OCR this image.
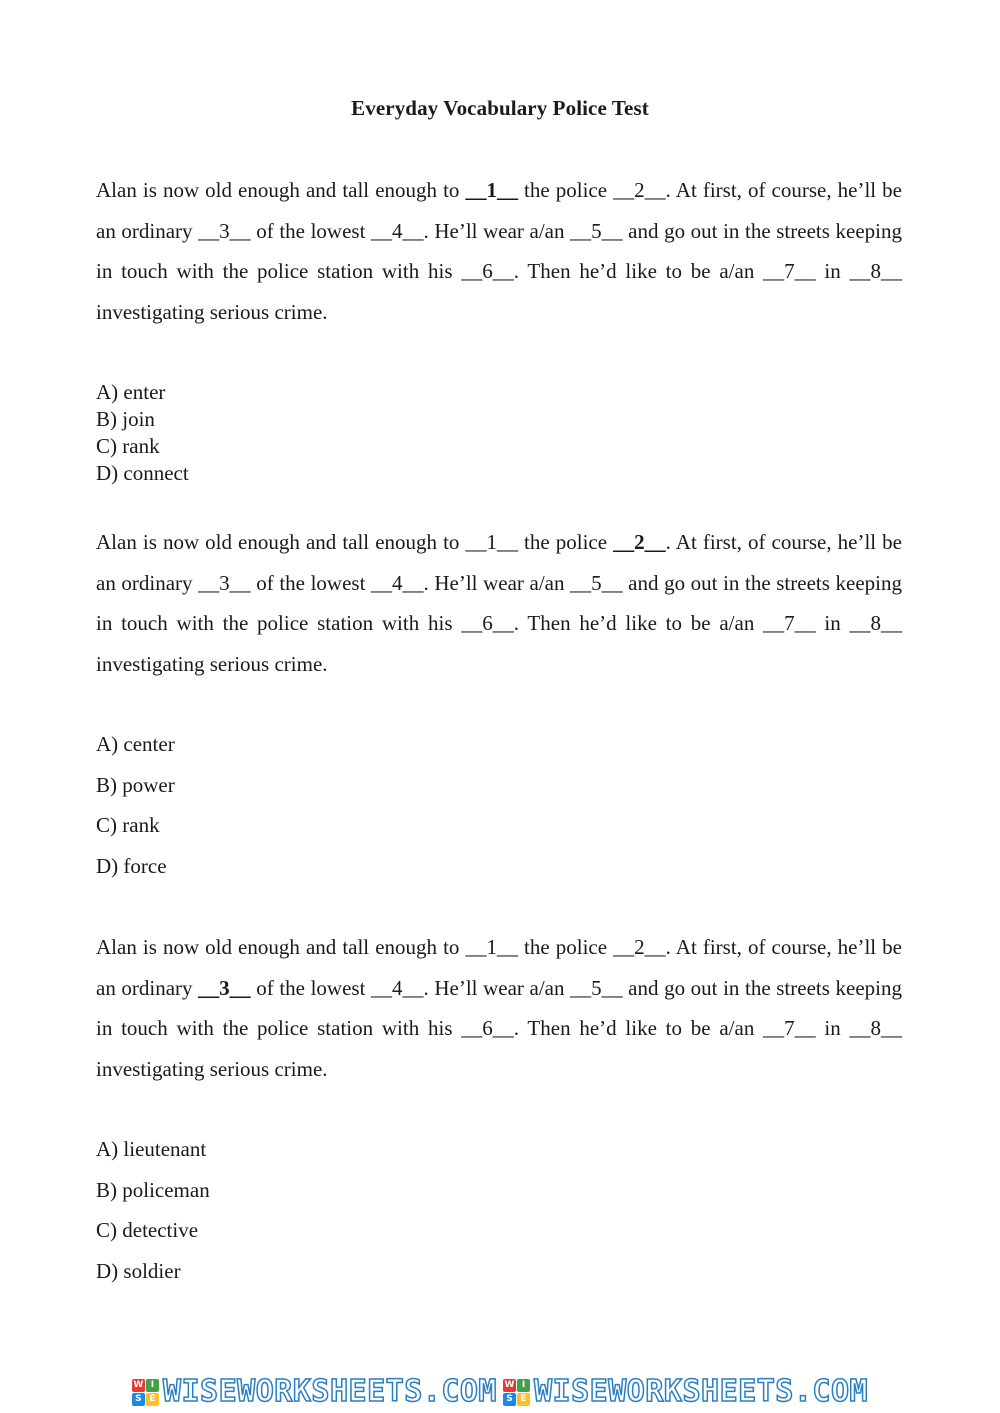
Everyday Vocabulary Police Test
Alan is now old enough and tall enough to __1__ the police __2__. At first, of course, he’ll be an ordinary __3__ of the lowest __4__. He’ll wear a/an __5__ and go out in the streets keeping in touch with the police station with his __6__. Then he’d like to be a/an __7__ in __8__ investigating serious crime.
A) enter
B) join
C) rank
D) connect
Alan is now old enough and tall enough to __1__ the police __2__. At first, of course, he’ll be an ordinary __3__ of the lowest __4__. He’ll wear a/an __5__ and go out in the streets keeping in touch with the police station with his __6__. Then he’d like to be a/an __7__ in __8__ investigating serious crime.
A) center
B) power
C) rank
D) force
Alan is now old enough and tall enough to __1__ the police __2__. At first, of course, he’ll be an ordinary __3__ of the lowest __4__. He’ll wear a/an __5__ and go out in the streets keeping in touch with the police station with his __6__. Then he’d like to be a/an __7__ in __8__ investigating serious crime.
A) lieutenant
B) policeman
C) detective
D) soldier
W I
S E WISEWORKSHEETS.COM W I
S E WISEWORKSHEETS.COM
